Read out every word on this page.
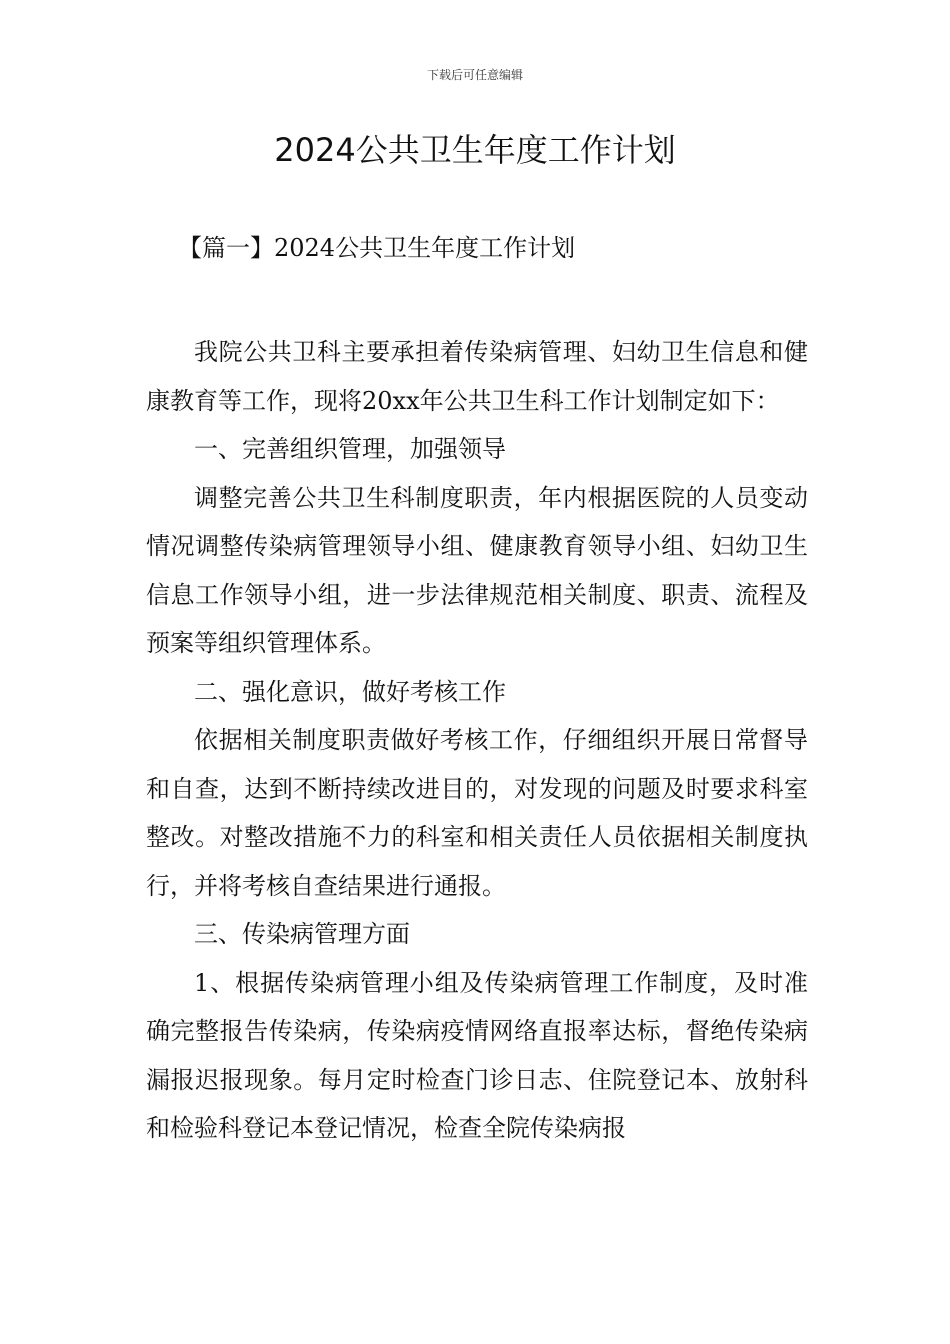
下载后可任意编辑
2024公共卫生年度工作计划
【篇一】2024公共卫生年度工作计划

我院公共卫科主要承担着传染病管理、妇幼卫生信息和健康教育等工作，现将20xx年公共卫生科工作计划制定如下：

一、完善组织管理，加强领导

调整完善公共卫生科制度职责，年内根据医院的人员变动情况调整传染病管理领导小组、健康教育领导小组、妇幼卫生信息工作领导小组，进一步法律规范相关制度、职责、流程及预案等组织管理体系。

二、强化意识，做好考核工作

依据相关制度职责做好考核工作，仔细组织开展日常督导和自查，达到不断持续改进目的，对发现的问题及时要求科室整改。对整改措施不力的科室和相关责任人员依据相关制度执行，并将考核自查结果进行通报。

三、传染病管理方面

1、根据传染病管理小组及传染病管理工作制度，及时准确完整报告传染病，传染病疫情网络直报率达标，督绝传染病漏报迟报现象。每月定时检查门诊日志、住院登记本、放射科和检验科登记本登记情况，检查全院传染病报
